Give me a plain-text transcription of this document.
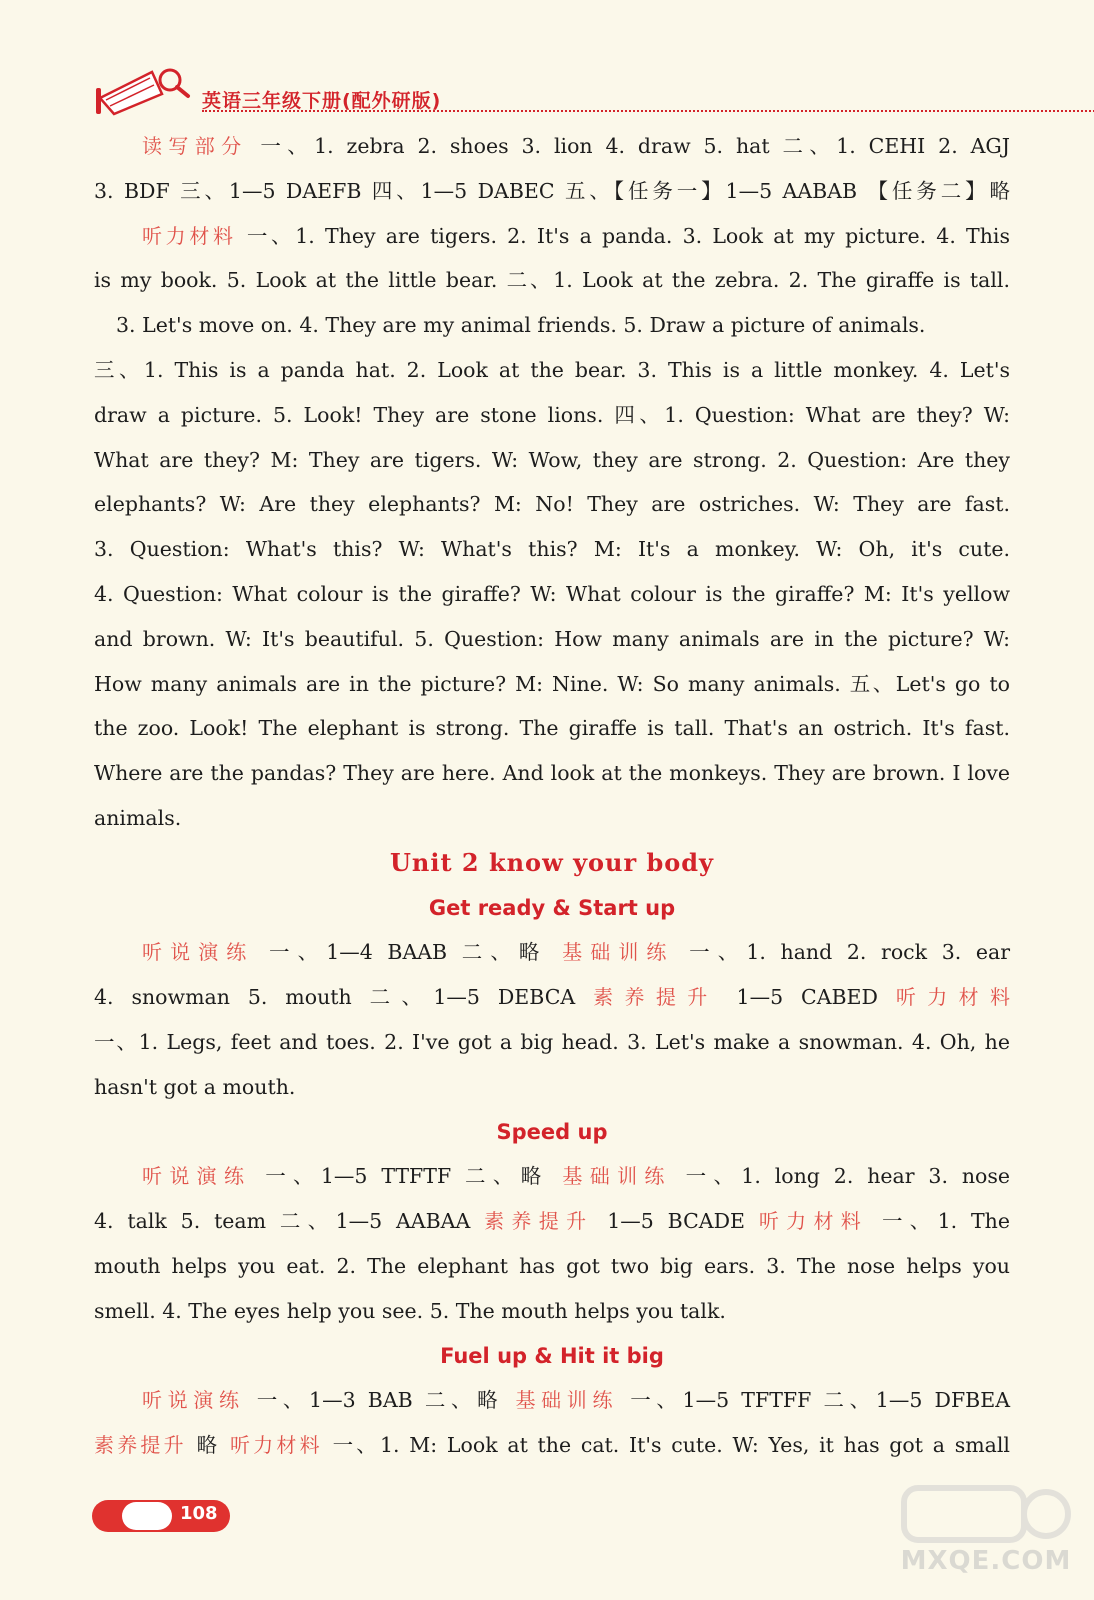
英语三年级下册(配外研版)
读写部分 一、1. zebra 2. shoes 3. lion 4. draw 5. hat 二、1. CEHI 2. AGJ
3. BDF 三、1—5 DAEFB 四、1—5 DABEC 五、【任务一】1—5 AABAB 【任务二】略
听力材料 一、1. They are tigers. 2. It's a panda. 3. Look at my picture. 4. This
is my book. 5. Look at the little bear. 二、1. Look at the zebra. 2. The giraffe is tall.
3. Let's move on. 4. They are my animal friends. 5. Draw a picture of animals.
三、1. This is a panda hat. 2. Look at the bear. 3. This is a little monkey. 4. Let's
draw a picture. 5. Look! They are stone lions. 四、1. Question: What are they? W:
What are they? M: They are tigers. W: Wow, they are strong. 2. Question: Are they
elephants? W: Are they elephants? M: No! They are ostriches. W: They are fast.
3. Question: What's this? W: What's this? M: It's a monkey. W: Oh, it's cute.
4. Question: What colour is the giraffe? W: What colour is the giraffe? M: It's yellow
and brown. W: It's beautiful. 5. Question: How many animals are in the picture? W:
How many animals are in the picture? M: Nine. W: So many animals. 五、Let's go to
the zoo. Look! The elephant is strong. The giraffe is tall. That's an ostrich. It's fast.
Where are the pandas? They are here. And look at the monkeys. They are brown. I love
animals.
Unit 2 know your body
Get ready & Start up
听说演练 一、1—4 BAAB 二、略 基础训练 一、1. hand 2. rock 3. ear
4. snowman 5. mouth 二、1—5 DEBCA 素养提升 1—5 CABED 听力材料
一、1. Legs, feet and toes. 2. I've got a big head. 3. Let's make a snowman. 4. Oh, he
hasn't got a mouth.
Speed up
听说演练 一、1—5 TTFTF 二、略 基础训练 一、1. long 2. hear 3. nose
4. talk 5. team 二、1—5 AABAA 素养提升 1—5 BCADE 听力材料 一、1. The
mouth helps you eat. 2. The elephant has got two big ears. 3. The nose helps you
smell. 4. The eyes help you see. 5. The mouth helps you talk.
Fuel up & Hit it big
听说演练 一、1—3 BAB 二、略 基础训练 一、1—5 TFTFF 二、1—5 DFBEA
素养提升 略 听力材料 一、1. M: Look at the cat. It's cute. W: Yes, it has got a small
108
MXQE.COM
